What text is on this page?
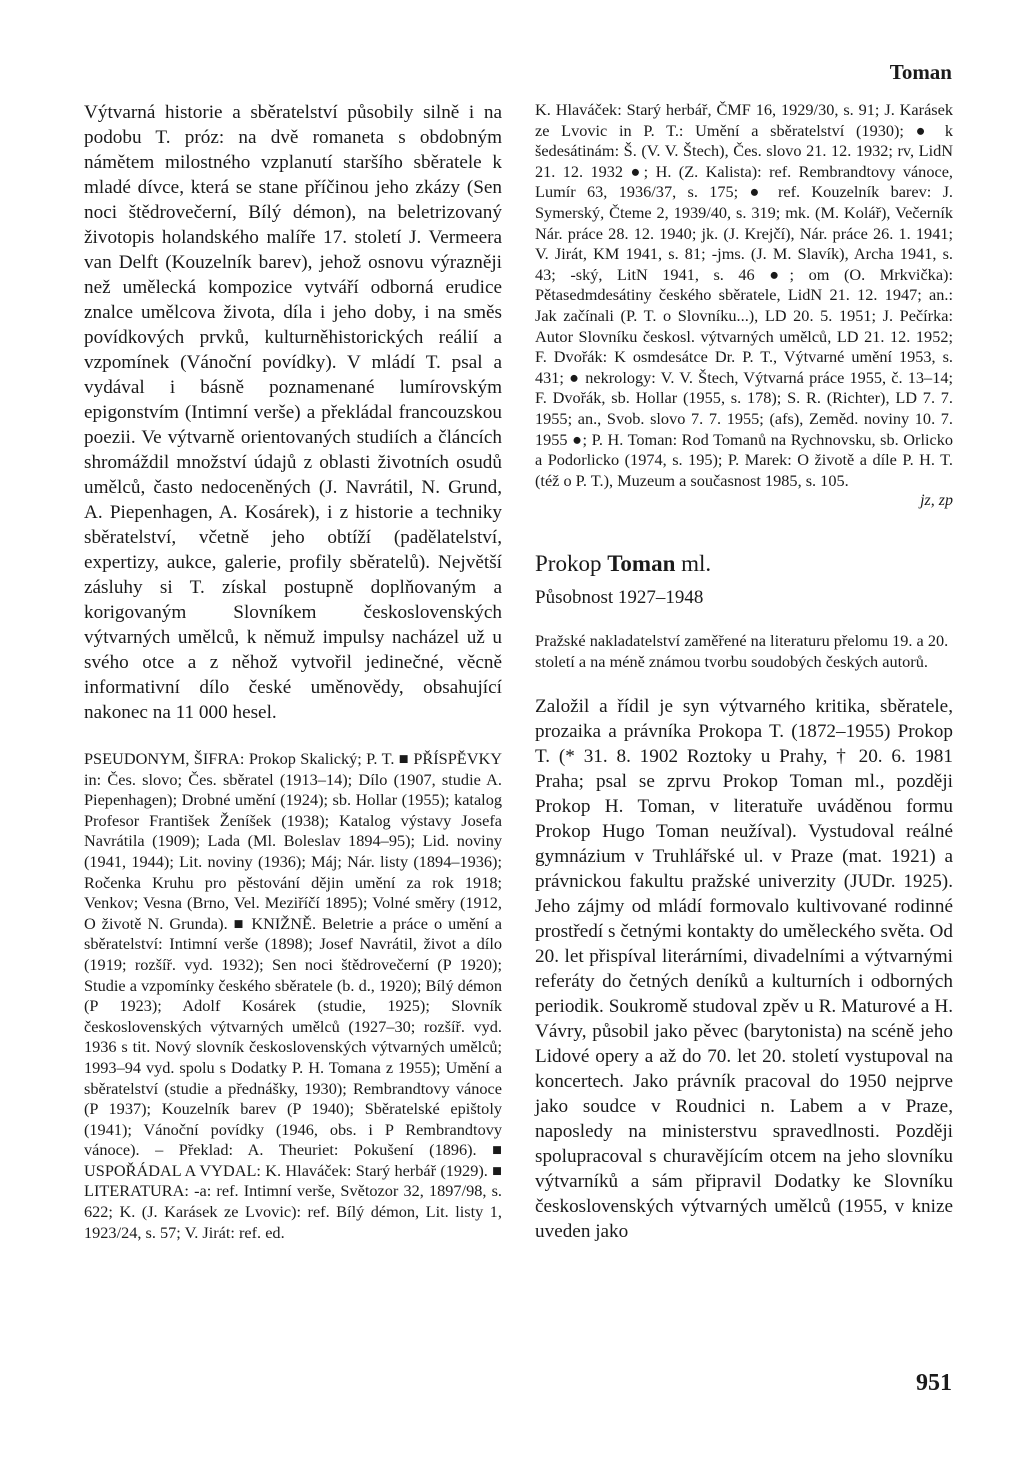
Toman

Výtvarná historie a sběratelství působily silně i na podobu T. próz: na dvě romaneta s obdobným námětem milostného vzplanutí staršího sběratele k mladé dívce, která se stane příčinou jeho zkázy (Sen noci štědrovečerní, Bílý démon), na beletrizovaný životopis holandského malíře 17. století J. Vermeera van Delft (Kouzelník barev), jehož osnovu výrazněji než umělecká kompozice vytváří odborná erudice znalce umělcova života, díla i jeho doby, i na směs povídkových prvků, kulturněhistorických reálií a vzpomínek (Vánoční povídky). V mládí T. psal a vydával i básně poznamenané lumírovským epigonstvím (Intimní verše) a překládal francouzskou poezii. Ve výtvarně orientovaných studiích a článcích shromáždil množství údajů z oblasti životních osudů umělců, často nedoceněných (J. Navrátil, N. Grund, A. Piepenhagen, A. Kosárek), i z historie a techniky sběratelství, včetně jeho obtíží (padělatelství, expertizy, aukce, galerie, profily sběratelů). Největší zásluhy si T. získal postupně doplňovaným a korigovaným Slovníkem československých výtvarných umělců, k němuž impulsy nacházel už u svého otce a z něhož vytvořil jedinečné, věcně informativní dílo české uměnovědy, obsahující nakonec na 11 000 hesel.

PSEUDONYM, ŠIFRA: Prokop Skalický; P. T. ■ PŘÍSPĚVKY in: Čes. slovo; Čes. sběratel (1913–14); Dílo (1907, studie A. Piepenhagen); Drobné umění (1924); sb. Hollar (1955); katalog Profesor František Ženíšek (1938); Katalog výstavy Josefa Navrátila (1909); Lada (Ml. Boleslav 1894–95); Lid. noviny (1941, 1944); Lit. noviny (1936); Máj; Nár. listy (1894–1936); Ročenka Kruhu pro pěstování dějin umění za rok 1918; Venkov; Vesna (Brno, Vel. Meziříčí 1895); Volné směry (1912, O životě N. Grunda). ■ KNIŽNĚ. Beletrie a práce o umění a sběratelství: Intimní verše (1898); Josef Navrátil, život a dílo (1919; rozšíř. vyd. 1932); Sen noci štědrovečerní (P 1920); Studie a vzpomínky českého sběratele (b. d., 1920); Bílý démon (P 1923); Adolf Kosárek (studie, 1925); Slovník československých výtvarných umělců (1927–30; rozšíř. vyd. 1936 s tit. Nový slovník československých výtvarných umělců; 1993–94 vyd. spolu s Dodatky P. H. Tomana z 1955); Umění a sběratelství (studie a přednášky, 1930); Rembrandtovy vánoce (P 1937); Kouzelník barev (P 1940); Sběratelské epištoly (1941); Vánoční povídky (1946, obs. i P Rembrandtovy vánoce). – Překlad: A. Theuriet: Pokušení (1896). ■ USPOŘÁDAL A VYDAL: K. Hlaváček: Starý herbář (1929). ■ LITERATURA: -a: ref. Intimní verše, Světozor 32, 1897/98, s. 622; K. (J. Karásek ze Lvovic): ref. Bílý démon, Lit. listy 1, 1923/24, s. 57; V. Jirát: ref. ed.

K. Hlaváček: Starý herbář, ČMF 16, 1929/30, s. 91; J. Karásek ze Lvovic in P. T.: Umění a sběratelství (1930); ● k šedesátinám: Š. (V. V. Štech), Čes. slovo 21. 12. 1932; rv, LidN 21. 12. 1932 ●; H. (Z. Kalista): ref. Rembrandtovy vánoce, Lumír 63, 1936/37, s. 175; ● ref. Kouzelník barev: J. Symerský, Čteme 2, 1939/40, s. 319; mk. (M. Kolář), Večerník Nár. práce 28. 12. 1940; jk. (J. Krejčí), Nár. práce 26. 1. 1941; V. Jirát, KM 1941, s. 81; -jms. (J. M. Slavík), Archa 1941, s. 43; -ský, LitN 1941, s. 46 ●; om (O. Mrkvička): Pětasedmdesátiny českého sběratele, LidN 21. 12. 1947; an.: Jak začínali (P. T. o Slovníku...), LD 20. 5. 1951; J. Pečírka: Autor Slovníku českosl. výtvarných umělců, LD 21. 12. 1952; F. Dvořák: K osmdesátce Dr. P. T., Výtvarné umění 1953, s. 431; ● nekrology: V. V. Štech, Výtvarná práce 1955, č. 13–14; F. Dvořák, sb. Hollar (1955, s. 178); S. R. (Richter), LD 7. 7. 1955; an., Svob. slovo 7. 7. 1955; (afs), Zeměd. noviny 10. 7. 1955 ●; P. H. Toman: Rod Tomanů na Rychnovsku, sb. Orlicko a Podorlicko (1974, s. 195); P. Marek: O životě a díle P. H. T. (též o P. T.), Muzeum a současnost 1985, s. 105.

jz, zp
Prokop Toman ml.
Působnost 1927–1948
Pražské nakladatelství zaměřené na literaturu přelomu 19. a 20. století a na méně známou tvorbu soudobých českých autorů.

Založil a řídil je syn výtvarného kritika, sběratele, prozaika a právníka Prokopa T. (1872–1955) Prokop T. (* 31. 8. 1902 Roztoky u Prahy, † 20. 6. 1981 Praha; psal se zprvu Prokop Toman ml., později Prokop H. Toman, v literatuře uváděnou formu Prokop Hugo Toman neužíval). Vystudoval reálné gymnázium v Truhlářské ul. v Praze (mat. 1921) a právnickou fakultu pražské univerzity (JUDr. 1925). Jeho zájmy od mládí formovalo kultivované rodinné prostředí s četnými kontakty do uměleckého světa. Od 20. let přispíval literárními, divadelními a výtvarnými referáty do četných deníků a kulturních i odborných periodik. Soukromě studoval zpěv u R. Maturové a H. Vávry, působil jako pěvec (barytonista) na scéně jeho Lidové opery a až do 70. let 20. století vystupoval na koncertech. Jako právník pracoval do 1950 nejprve jako soudce v Roudnici n. Labem a v Praze, naposledy na ministerstvu spravedlnosti. Později spolupracoval s churavějícím otcem na jeho slovníku výtvarníků a sám připravil Dodatky ke Slovníku československých výtvarných umělců (1955, v knize uveden jako

951
